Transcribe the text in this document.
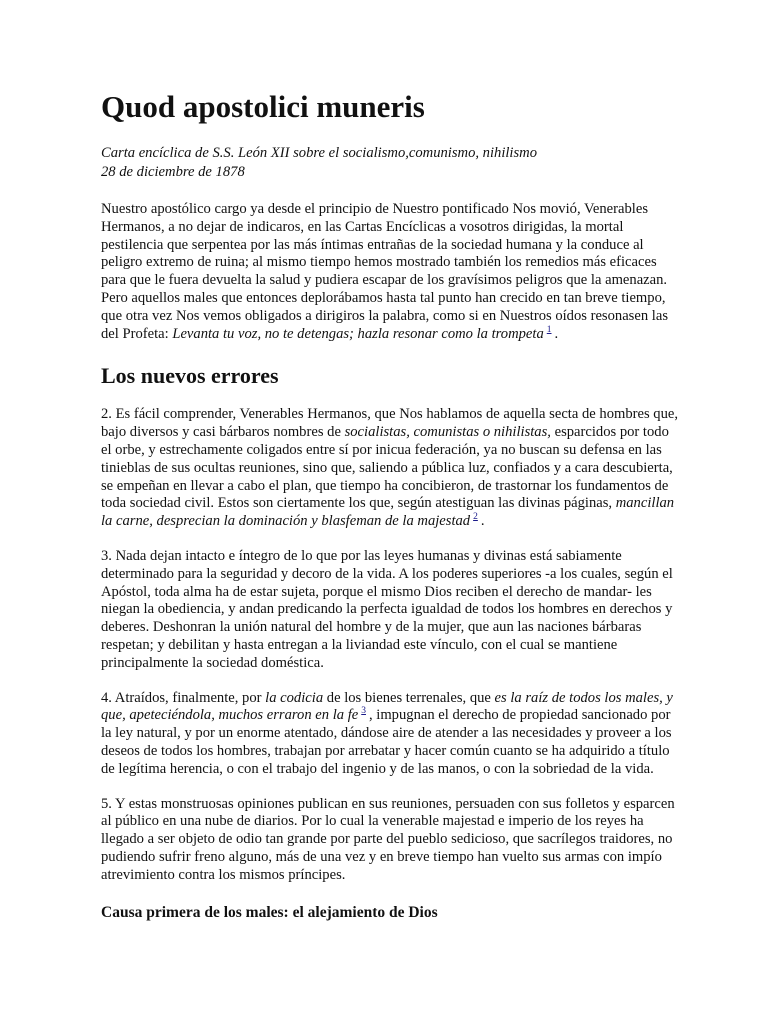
Quod apostolici muneris
Carta encíclica de S.S. León XII sobre el socialismo,comunismo, nihilismo
28 de diciembre de 1878

Nuestro apostólico cargo ya desde el principio de Nuestro pontificado Nos movió, Venerables Hermanos, a no dejar de indicaros, en las Cartas Encíclicas a vosotros dirigidas, la mortal pestilencia que serpentea por las más íntimas entrañas de la sociedad humana y la conduce al peligro extremo de ruina; al mismo tiempo hemos mostrado también los remedios más eficaces para que le fuera devuelta la salud y pudiera escapar de los gravísimos peligros que la amenazan. Pero aquellos males que entonces deplorábamos hasta tal punto han crecido en tan breve tiempo, que otra vez Nos vemos obligados a dirigiros la palabra, como si en Nuestros oídos resonasen las del Profeta: Levanta tu voz, no te detengas; hazla resonar como la trompeta $^1$ .

Los nuevos errores

2. Es fácil comprender, Venerables Hermanos, que Nos hablamos de aquella secta de hombres que, bajo diversos y casi bárbaros nombres de socialistas, comunistas o nihilistas, esparcidos por todo el orbe, y estrechamente coligados entre sí por inicua federación, ya no buscan su defensa en las tinieblas de sus ocultas reuniones, sino que, saliendo a pública luz, confiados y a cara descubierta, se empeñan en llevar a cabo el plan, que tiempo ha concibieron, de trastornar los fundamentos de toda sociedad civil. Estos son ciertamente los que, según atestiguan las divinas páginas, mancillan la carne, desprecian la dominación y blasfeman de la majestad $^2$ .

3. Nada dejan intacto e íntegro de lo que por las leyes humanas y divinas está sabiamente determinado para la seguridad y decoro de la vida. A los poderes superiores -a los cuales, según el Apóstol, toda alma ha de estar sujeta, porque el mismo Dios reciben el derecho de mandar- les niegan la obediencia, y andan predicando la perfecta igualdad de todos los hombres en derechos y deberes. Deshonran la unión natural del hombre y de la mujer, que aun las naciones bárbaras respetan; y debilitan y hasta entregan a la liviandad este vínculo, con el cual se mantiene principalmente la sociedad doméstica.

4. Atraídos, finalmente, por la codicia de los bienes terrenales, que es la raíz de todos los males, y que, apeteciéndola, muchos erraron en la fe $^3$ , impugnan el derecho de propiedad sancionado por la ley natural, y por un enorme atentado, dándose aire de atender a las necesidades y proveer a los deseos de todos los hombres, trabajan por arrebatar y hacer común cuanto se ha adquirido a título de legítima herencia, o con el trabajo del ingenio y de las manos, o con la sobriedad de la vida.

5. Y estas monstruosas opiniones publican en sus reuniones, persuaden con sus folletos y esparcen al público en una nube de diarios. Por lo cual la venerable majestad e imperio de los reyes ha llegado a ser objeto de odio tan grande por parte del pueblo sedicioso, que sacrílegos traidores, no pudiendo sufrir freno alguno, más de una vez y en breve tiempo han vuelto sus armas con impío atrevimiento contra los mismos príncipes.

Causa primera de los males: el alejamiento de Dios
